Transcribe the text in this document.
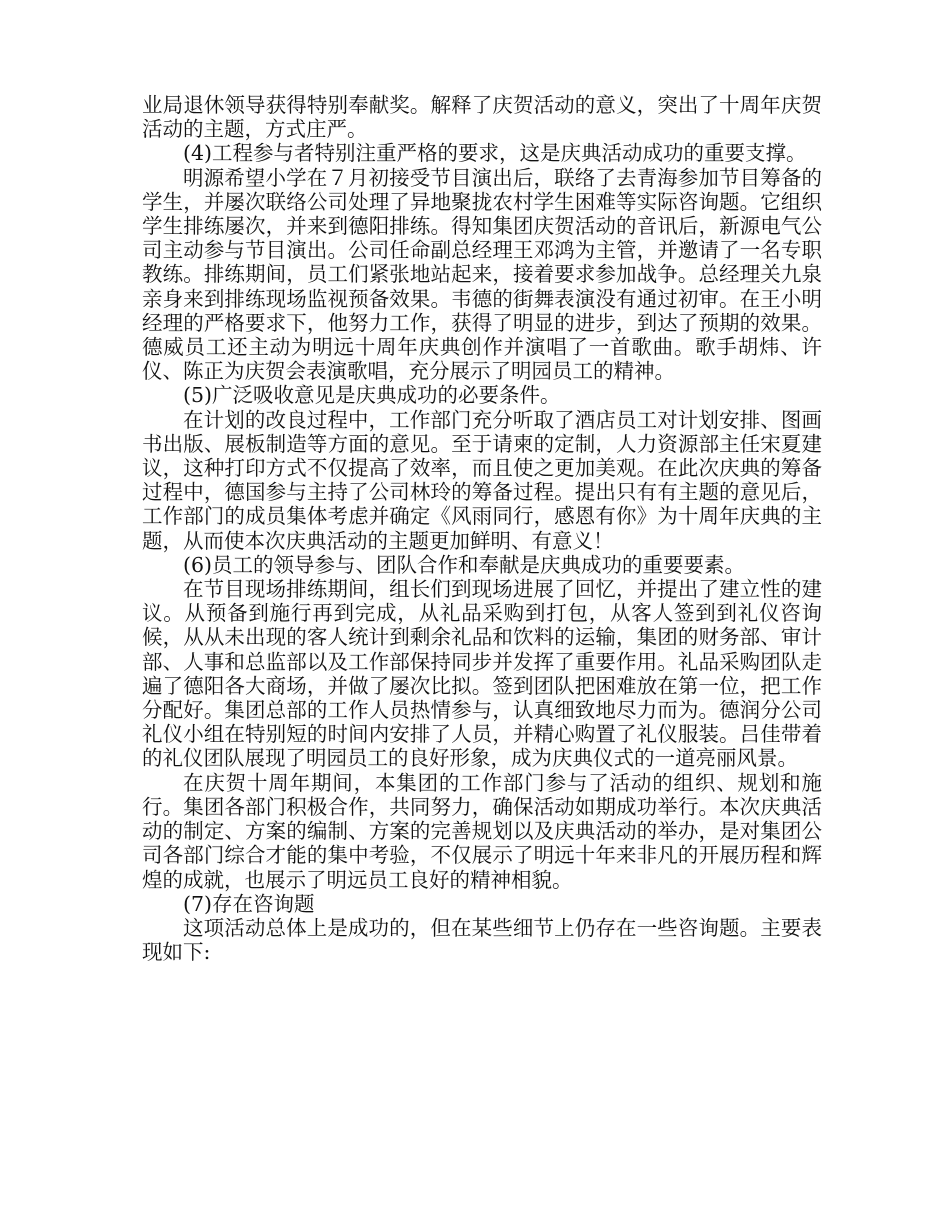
业局退休领导获得特别奉献奖。解释了庆贺活动的意义，突出了十周年庆贺活动的主题，方式庄严。

(4)工程参与者特别注重严格的要求，这是庆典活动成功的重要支撑。

明源希望小学在７月初接受节目演出后，联络了去青海参加节目筹备的学生，并屡次联络公司处理了异地聚拢农村学生困难等实际咨询题。它组织学生排练屡次，并来到德阳排练。得知集团庆贺活动的音讯后，新源电气公司主动参与节目演出。公司任命副总经理王邓鸿为主管，并邀请了一名专职教练。排练期间，员工们紧张地站起来，接着要求参加战争。总经理关九泉亲身来到排练现场监视预备效果。韦德的街舞表演没有通过初审。在王小明经理的严格要求下，他努力工作，获得了明显的进步，到达了预期的效果。德威员工还主动为明远十周年庆典创作并演唱了一首歌曲。歌手胡炜、许仪、陈正为庆贺会表演歌唱，充分展示了明园员工的精神。

(5)广泛吸收意见是庆典成功的必要条件。

在计划的改良过程中，工作部门充分听取了酒店员工对计划安排、图画书出版、展板制造等方面的意见。至于请柬的定制，人力资源部主任宋夏建议，这种打印方式不仅提高了效率，而且使之更加美观。在此次庆典的筹备过程中，德国参与主持了公司林玲的筹备过程。提出只有有主题的意见后，工作部门的成员集体考虑并确定《风雨同行，感恩有你》为十周年庆典的主题，从而使本次庆典活动的主题更加鲜明、有意义！

(6)员工的领导参与、团队合作和奉献是庆典成功的重要要素。

在节目现场排练期间，组长们到现场进展了回忆，并提出了建立性的建议。从预备到施行再到完成，从礼品采购到打包，从客人签到到礼仪咨询候，从从未出现的客人统计到剩余礼品和饮料的运输，集团的财务部、审计部、人事和总监部以及工作部保持同步并发挥了重要作用。礼品采购团队走遍了德阳各大商场，并做了屡次比拟。签到团队把困难放在第一位，把工作分配好。集团总部的工作人员热情参与，认真细致地尽力而为。德润分公司礼仪小组在特别短的时间内安排了人员，并精心购置了礼仪服装。吕佳带着的礼仪团队展现了明园员工的良好形象，成为庆典仪式的一道亮丽风景。

在庆贺十周年期间，本集团的工作部门参与了活动的组织、规划和施行。集团各部门积极合作，共同努力，确保活动如期成功举行。本次庆典活动的制定、方案的编制、方案的完善规划以及庆典活动的举办，是对集团公司各部门综合才能的集中考验，不仅展示了明远十年来非凡的开展历程和辉煌的成就，也展示了明远员工良好的精神相貌。

(7)存在咨询题

这项活动总体上是成功的，但在某些细节上仍存在一些咨询题。主要表现如下:
